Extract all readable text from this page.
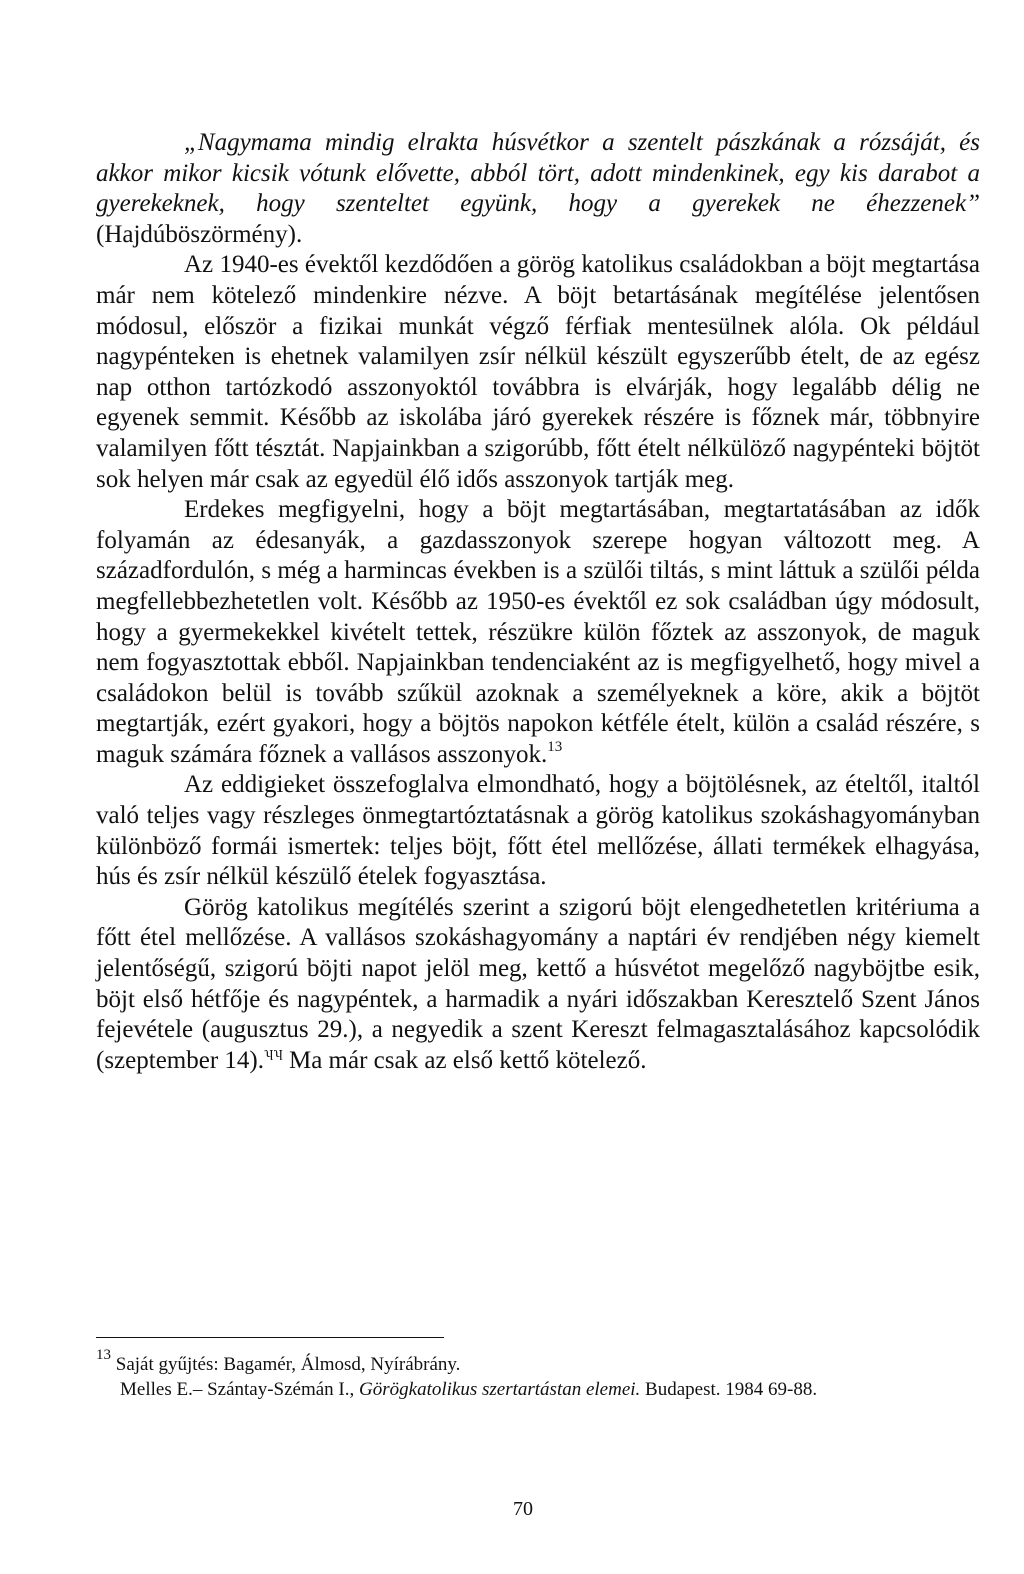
„Nagymama mindig elrakta húsvétkor a szentelt pászkának a rózsáját, és akkor mikor kicsik vótunk elővette, abból tört, adott mindenkinek, egy kis darabot a gyerekeknek, hogy szenteltet együnk, hogy a gyerekek ne éhezzenek” (Hajdúböszörmény).

Az 1940-es évektől kezdődően a görög katolikus családokban a böjt megtartása már nem kötelező mindenkire nézve. A böjt betartásának megítélése jelentősen módosul, először a fizikai munkát végző férfiak mentesülnek alóla. Ok például nagypénteken is ehetnek valamilyen zsír nélkül készült egyszerűbb ételt, de az egész nap otthon tartózkodó asszonyoktól továbbra is elvárják, hogy legalább délig ne egyenek semmit. Később az iskolába járó gyerekek részére is főznek már, többnyire valamilyen főtt tésztát. Napjainkban a szigorúbb, főtt ételt nélkülöző nagypénteki böjtöt sok helyen már csak az egyedül élő idős asszonyok tartják meg.

Erdekes megfigyelni, hogy a böjt megtartásában, megtartatásában az idők folyamán az édesanyák, a gazdasszonyok szerepe hogyan változott meg. A századfordulón, s még a harmincas években is a szülői tiltás, s mint láttuk a szülői példa megfellebbezhetetlen volt. Később az 1950-es évektől ez sok családban úgy módosult, hogy a gyermekekkel kivételt tettek, részükre külön főztek az asszonyok, de maguk nem fogyasztottak ebből. Napjainkban tendenciaként az is megfigyelhető, hogy mivel a családokon belül is tovább szűkül azoknak a személyeknek a köre, akik a böjtöt megtartják, ezért gyakori, hogy a böjtös napokon kétféle ételt, külön a család részére, s maguk számára főznek a vallásos asszonyok.$^{13}$

Az eddigieket összefoglalva elmondható, hogy a böjtölésnek, az ételtől, italtól való teljes vagy részleges önmegtartóztatásnak a görög katolikus szokáshagyományban különböző formái ismertek: teljes böjt, főtt étel mellőzése, állati termékek elhagyása, hús és zsír nélkül készülő ételek fogyasztása.

Görög katolikus megítélés szerint a szigorú böjt elengedhetetlen kritériuma a főtt étel mellőzése. A vallásos szokáshagyomány a naptári év rendjében négy kiemelt jelentőségű, szigorú böjti napot jelöl meg, kettő a húsvétot megelőző nagyböjtbe esik, böjt első hétfője és nagypéntek, a harmadik a nyári időszakban Keresztelő Szent János fejevétele (augusztus 29.), a negyedik a szent Kereszt felmagasztalásához kapcsolódik (szeptember 14).$^{ʮʮ}$ Ma már csak az első kettő kötelező.

$^{13}$ Saját gyűjtés: Bagamér, Álmosd, Nyírábrány.

Melles E.– Szántay-Szémán I., Görögkatolikus szertartástan elemei. Budapest. 1984 69-88.

70
